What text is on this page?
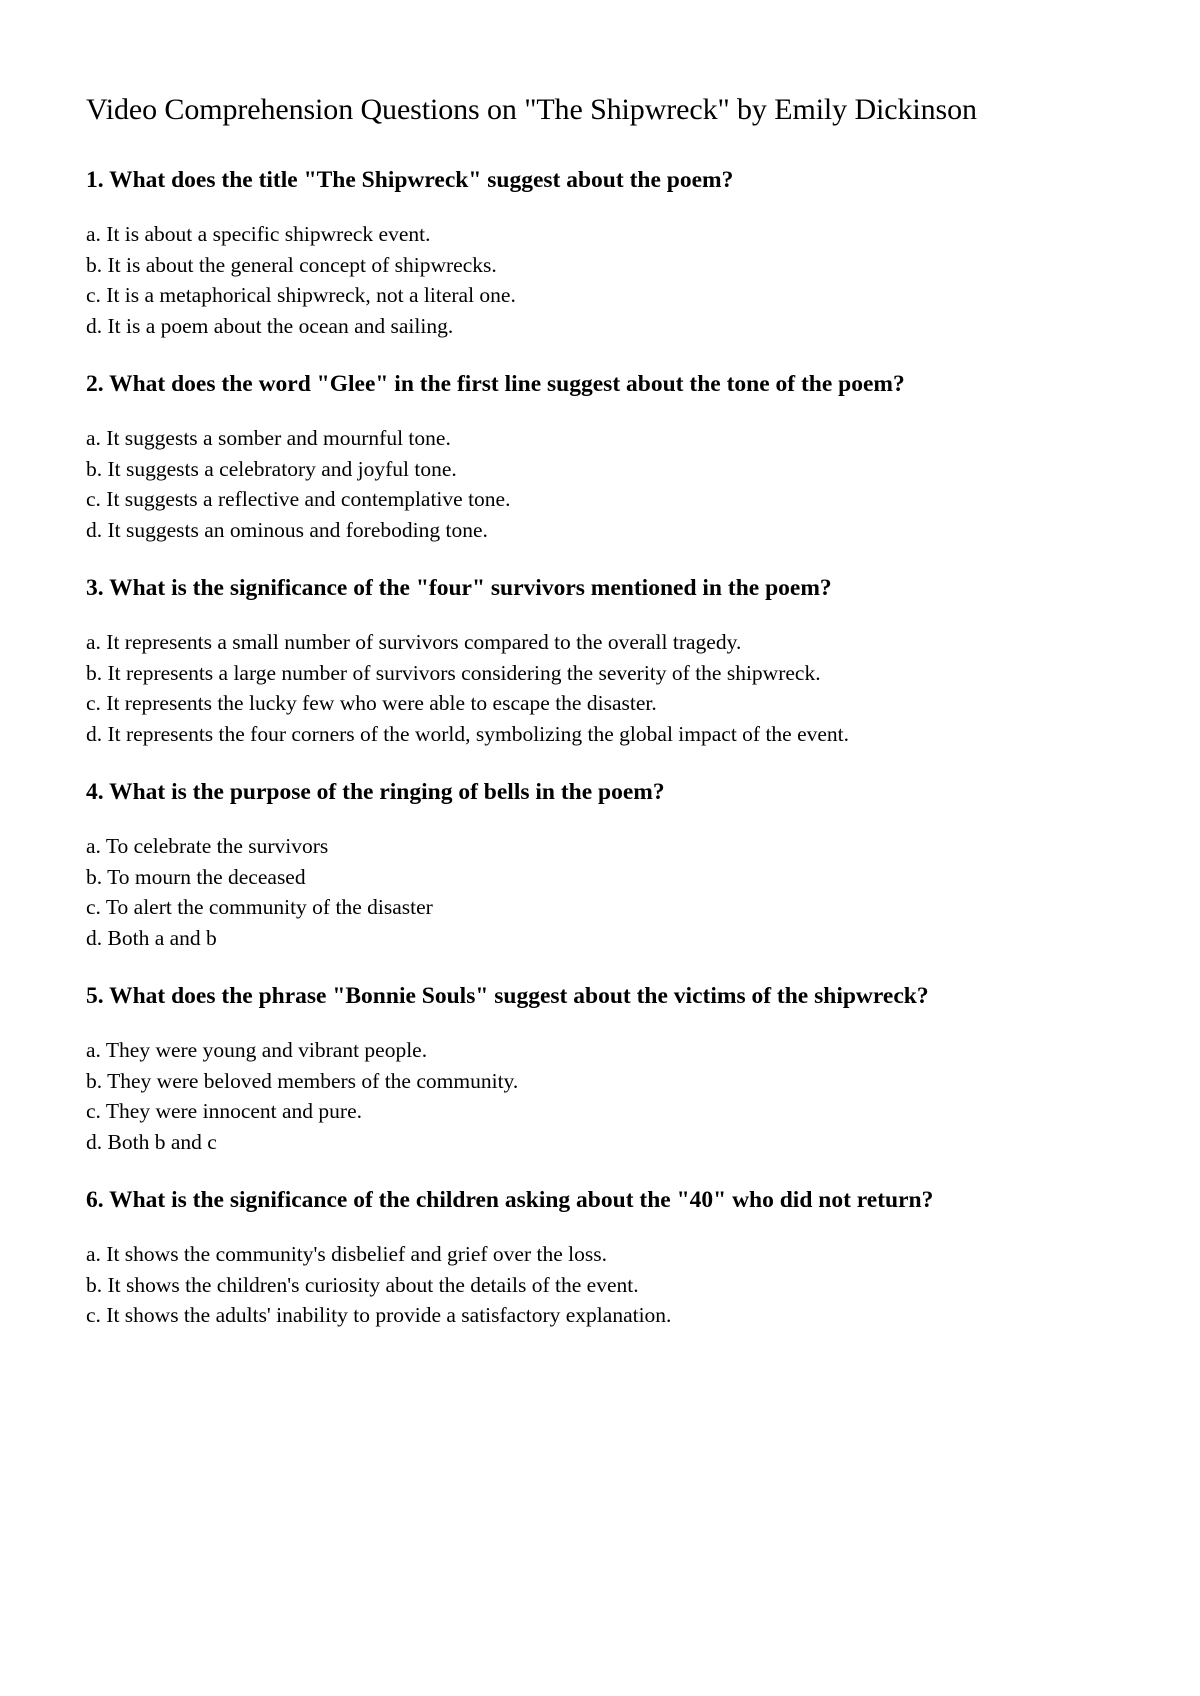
Video Comprehension Questions on "The Shipwreck" by Emily Dickinson

1. What does the title "The Shipwreck" suggest about the poem?

a. It is about a specific shipwreck event.
b. It is about the general concept of shipwrecks.
c. It is a metaphorical shipwreck, not a literal one.
d. It is a poem about the ocean and sailing.

2. What does the word "Glee" in the first line suggest about the tone of the poem?

a. It suggests a somber and mournful tone.
b. It suggests a celebratory and joyful tone.
c. It suggests a reflective and contemplative tone.
d. It suggests an ominous and foreboding tone.

3. What is the significance of the "four" survivors mentioned in the poem?

a. It represents a small number of survivors compared to the overall tragedy.
b. It represents a large number of survivors considering the severity of the shipwreck.
c. It represents the lucky few who were able to escape the disaster.
d. It represents the four corners of the world, symbolizing the global impact of the event.

4. What is the purpose of the ringing of bells in the poem?

a. To celebrate the survivors
b. To mourn the deceased
c. To alert the community of the disaster
d. Both a and b

5. What does the phrase "Bonnie Souls" suggest about the victims of the shipwreck?

a. They were young and vibrant people.
b. They were beloved members of the community.
c. They were innocent and pure.
d. Both b and c

6. What is the significance of the children asking about the "40" who did not return?

a. It shows the community's disbelief and grief over the loss.
b. It shows the children's curiosity about the details of the event.
c. It shows the adults' inability to provide a satisfactory explanation.
